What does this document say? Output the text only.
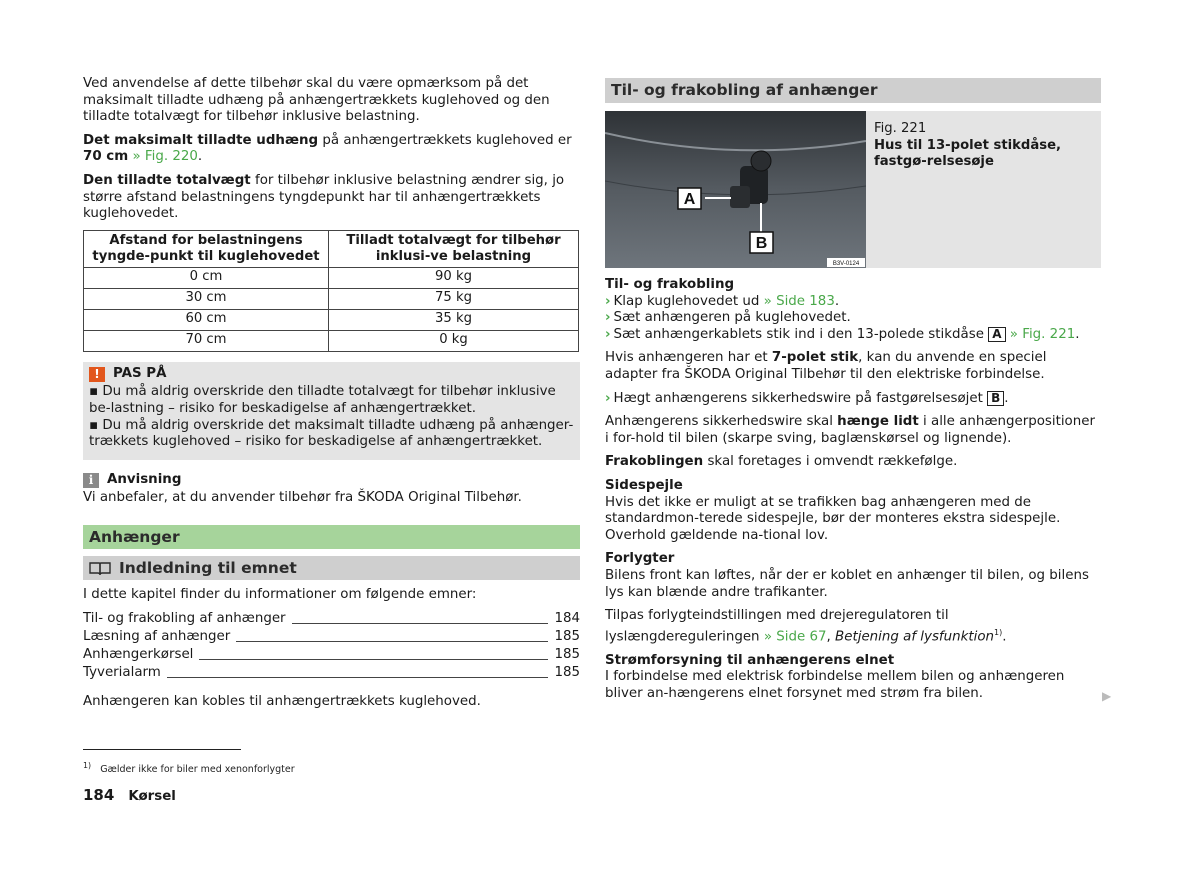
Ved anvendelse af dette tilbehør skal du være opmærksom på det maksimalt tilladte udhæng på anhængertrækkets kuglehoved og den tilladte totalvægt for tilbehør inklusive belastning.

Det maksimalt tilladte udhæng på anhængertrækkets kuglehoved er 70 cm » Fig. 220.

Den tilladte totalvægt for tilbehør inklusive belastning ændrer sig, jo større afstand belastningens tyngdepunkt har til anhængertrækkets kuglehovedet.

Afstand for belastningens tyngde-punkt til kuglehovedet	Tilladt totalvægt for tilbehør inklusi-ve belastning
0 cm	90 kg
30 cm	75 kg
60 cm	35 kg
70 cm	0 kg
! PAS PÅ
▪ Du må aldrig overskride den tilladte totalvægt for tilbehør inklusive be-lastning – risiko for beskadigelse af anhængertrækket.
▪ Du må aldrig overskride det maksimalt tilladte udhæng på anhænger-trækkets kuglehoved – risiko for beskadigelse af anhængertrækket.
i	Anvisning
Vi anbefaler, at du anvender tilbehør fra ŠKODA Original Tilbehør.
Anhænger
Indledning til emnet

I dette kapitel finder du informationer om følgende emner:

Til- og frakobling af anhænger	184
Læsning af anhænger	185
Anhængerkørsel	185
Tyverialarm	185

Anhængeren kan kobles til anhængertrækkets kuglehoved.

Til- og frakobling af anhænger
A
B
B3V-0124
Fig. 221
Hus til 13-polet stikdåse, fastgø-relsesøje
Til- og frakobling
› Klap kuglehovedet ud » Side 183.
› Sæt anhængeren på kuglehovedet.
› Sæt anhængerkablets stik ind i den 13-polede stikdåse A » Fig. 221.

Hvis anhængeren har et 7-polet stik, kan du anvende en speciel adapter fra ŠKODA Original Tilbehør til den elektriske forbindelse.

› Hægt anhængerens sikkerhedswire på fastgørelsesøjet B .

Anhængerens sikkerhedswire skal hænge lidt i alle anhængerpositioner i for-hold til bilen (skarpe sving, baglænskørsel og lignende).

Frakoblingen skal foretages i omvendt rækkefølge.

Sidespejle

Hvis det ikke er muligt at se trafikken bag anhængeren med de standardmon-terede sidespejle, bør der monteres ekstra sidespejle. Overhold gældende na-tional lov.

Forlygter

Bilens front kan løftes, når der er koblet en anhænger til bilen, og bilens lys kan blænde andre trafikanter.

Tilpas forlygteindstillingen med drejeregulatoren til lyslængdereguleringen » Side 67, Betjening af lysfunktion$^{1)}$.

Strømforsyning til anhængerens elnet

I forbindelse med elektrisk forbindelse mellem bilen og anhængeren bliver an-hængerens elnet forsynet med strøm fra bilen.	▶
$^{1)}$ Gælder ikke for biler med xenonforlygter
184 Kørsel
